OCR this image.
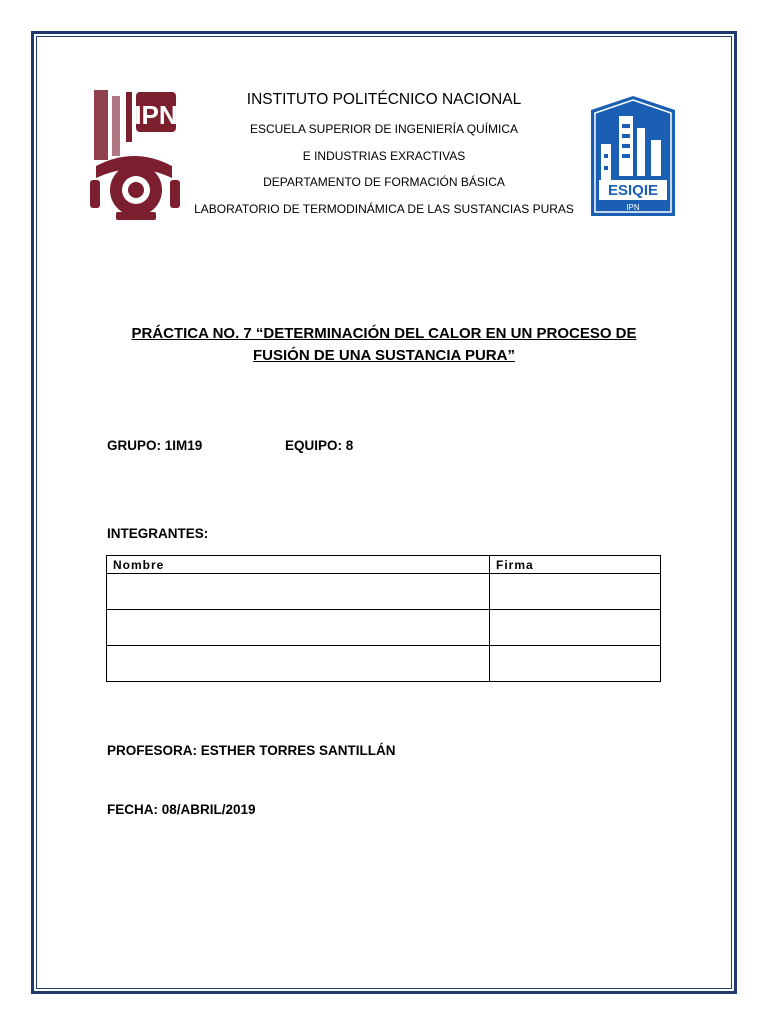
IPN
ESIQIE
IPN
INSTITUTO POLITÉCNICO NACIONAL
ESCUELA SUPERIOR DE INGENIERÍA QUÍMICA
E INDUSTRIAS EXRACTIVAS
DEPARTAMENTO DE FORMACIÓN BÁSICA
LABORATORIO DE TERMODINÁMICA DE LAS SUSTANCIAS PURAS
PRÁCTICA NO. 7 “DETERMINACIÓN DEL CALOR EN UN PROCESO DE FUSIÓN DE UNA SUSTANCIA PURA”
GRUPO: 1IM19	EQUIPO: 8
INTEGRANTES:
Nombre	Firma

PROFESORA: ESTHER TORRES SANTILLÁN
FECHA: 08/ABRIL/2019
